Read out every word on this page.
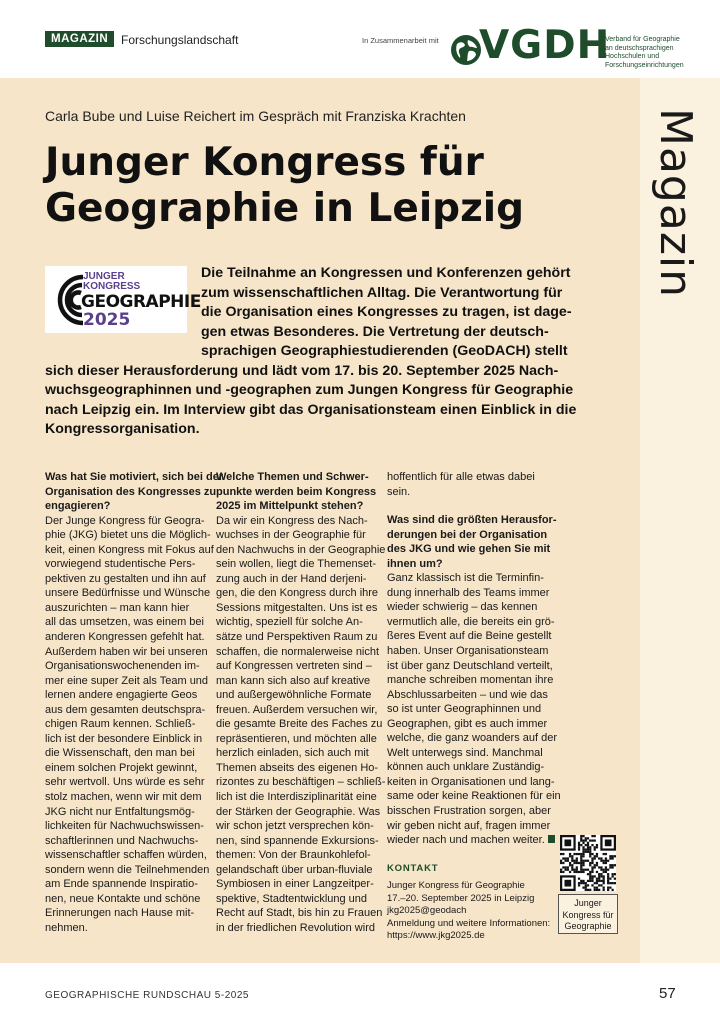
MAGAZIN	Forschungslandschaft	In Zusammenarbeit mit VGDH
Verband für Geographie
an deutschsprachigen
Hochschulen und
Forschungseinrichtungen
Magazin
Carla Bube und Luise Reichert im Gespräch mit Franziska Krachten
Junger Kongress für
Geographie in Leipzig
JUNGER
KONGRESS
GEOGRAPHIE
2025
Die Teilnahme an Kongressen und Konferenzen gehört
zum wissenschaftlichen Alltag. Die Verantwortung für
die Organisation eines Kongresses zu tragen, ist dage-
gen etwas Besonderes. Die Vertretung der deutsch-
sprachigen Geographiestudierenden (GeoDACH) stellt
sich dieser Herausforderung und lädt vom 17. bis 20. September 2025 Nach-
wuchsgeographinnen und -geographen zum Jungen Kongress für Geographie
nach Leipzig ein. Im Interview gibt das Organisationsteam einen Einblick in die
Kongressorganisation.

Was hat Sie motiviert, sich bei der

Organisation des Kongresses zu

engagieren?

Der Junge Kongress für Geogra-

phie (JKG) bietet uns die Möglich-

keit, einen Kongress mit Fokus auf

vorwiegend studentische Pers-

pektiven zu gestalten und ihn auf

unsere Bedürfnisse und Wünsche

auszurichten – man kann hier

all das umsetzen, was einem bei

anderen Kongressen gefehlt hat.

Außerdem haben wir bei unseren

Organisationswochenenden im-

mer eine super Zeit als Team und

lernen andere engagierte Geos

aus dem gesamten deutschspra-

chigen Raum kennen. Schließ-

lich ist der besondere Einblick in

die Wissenschaft, den man bei

einem solchen Projekt gewinnt,

sehr wertvoll. Uns würde es sehr

stolz machen, wenn wir mit dem

JKG nicht nur Entfaltungsmög-

lichkeiten für Nachwuchswissen-

schaftlerinnen und Nachwuchs-

wissenschaftler schaffen würden,

sondern wenn die Teilnehmenden

am Ende spannende Inspiratio-

nen, neue Kontakte und schöne

Erinnerungen nach Hause mit-

nehmen.

Welche Themen und Schwer-

punkte werden beim Kongress

2025 im Mittelpunkt stehen?

Da wir ein Kongress des Nach-

wuchses in der Geographie für

den Nachwuchs in der Geographie

sein wollen, liegt die Themenset-

zung auch in der Hand derjeni-

gen, die den Kongress durch ihre

Sessions mitgestalten. Uns ist es

wichtig, speziell für solche An-

sätze und Perspektiven Raum zu

schaffen, die normalerweise nicht

auf Kongressen vertreten sind –

man kann sich also auf kreative

und außergewöhnliche Formate

freuen. Außerdem versuchen wir,

die gesamte Breite des Faches zu

repräsentieren, und möchten alle

herzlich einladen, sich auch mit

Themen abseits des eigenen Ho-

rizontes zu beschäftigen – schließ-

lich ist die Interdisziplinarität eine

der Stärken der Geographie. Was

wir schon jetzt versprechen kön-

nen, sind spannende Exkursions-

themen: Von der Braunkohlefol-

gelandschaft über urban-fluviale

Symbiosen in einer Langzeitper-

spektive, Stadtentwicklung und

Recht auf Stadt, bis hin zu Frauen

in der friedlichen Revolution wird

hoffentlich für alle etwas dabei

sein.

Was sind die größten Herausfor-

derungen bei der Organisation

des JKG und wie gehen Sie mit

ihnen um?

Ganz klassisch ist die Terminfin-

dung innerhalb des Teams immer

wieder schwierig – das kennen

vermutlich alle, die bereits ein grö-

ßeres Event auf die Beine gestellt

haben. Unser Organisationsteam

ist über ganz Deutschland verteilt,

manche schreiben momentan ihre

Abschlussarbeiten – und wie das

so ist unter Geographinnen und

Geographen, gibt es auch immer

welche, die ganz woanders auf der

Welt unterwegs sind. Manchmal

können auch unklare Zuständig-

keiten in Organisationen und lang-

same oder keine Reaktionen für ein

bisschen Frustration sorgen, aber

wir geben nicht auf, fragen immer

wieder nach und machen weiter.

KONTAKT

Junger Kongress für Geographie

17.–20. September 2025 in Leipzig

jkg2025@geodach

Anmeldung und weitere Informationen:

https://www.jkg2025.de

Junger
Kongress für
Geographie
GEOGRAPHISCHE RUNDSCHAU 5-2025	57
